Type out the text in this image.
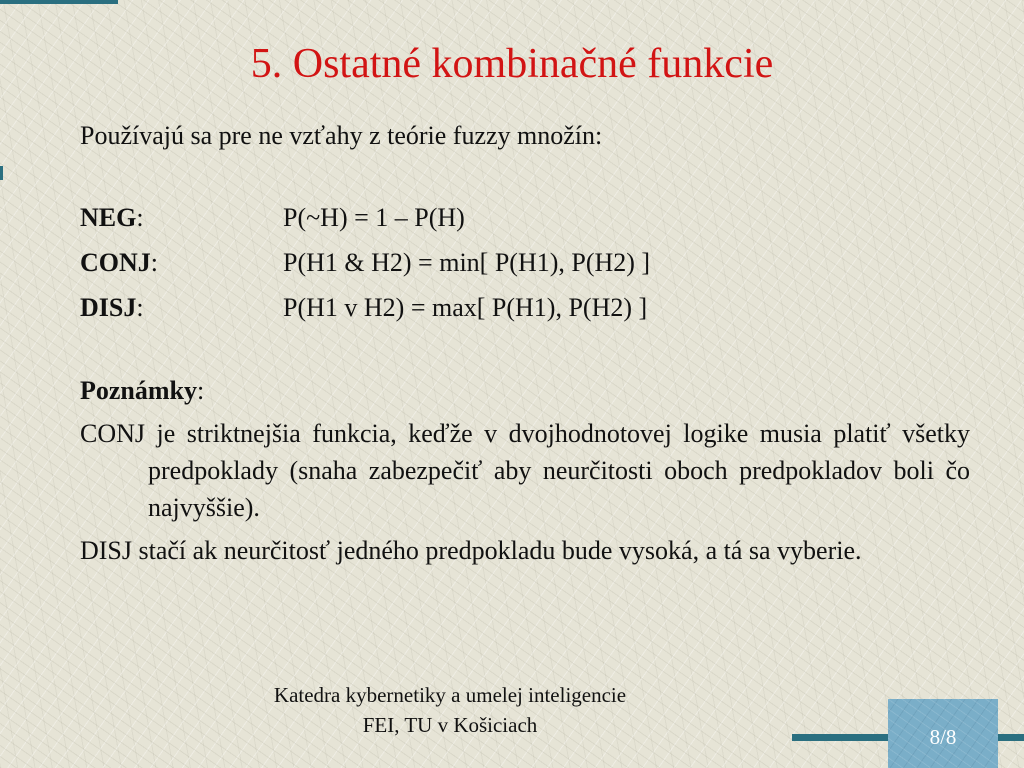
5. Ostatné kombinačné funkcie

Používajú sa pre ne vzťahy z teórie fuzzy množín:

NEG:	P(~H) = 1 – P(H)
CONJ:	P(H1 & H2) = min[ P(H1), P(H2) ]
DISJ:	P(H1 v H2) = max[ P(H1), P(H2) ]

Poznámky:

CONJ je striktnejšia funkcia, keďže v dvojhodnotovej logike musia platiť všetky predpoklady (snaha zabezpečiť aby neurčitosti oboch predpokladov boli čo najvyššie).

DISJ stačí ak neurčitosť jedného predpokladu bude vysoká, a tá sa vyberie.

Katedra kybernetiky a umelej inteligencie
FEI, TU v Košiciach	8/8
